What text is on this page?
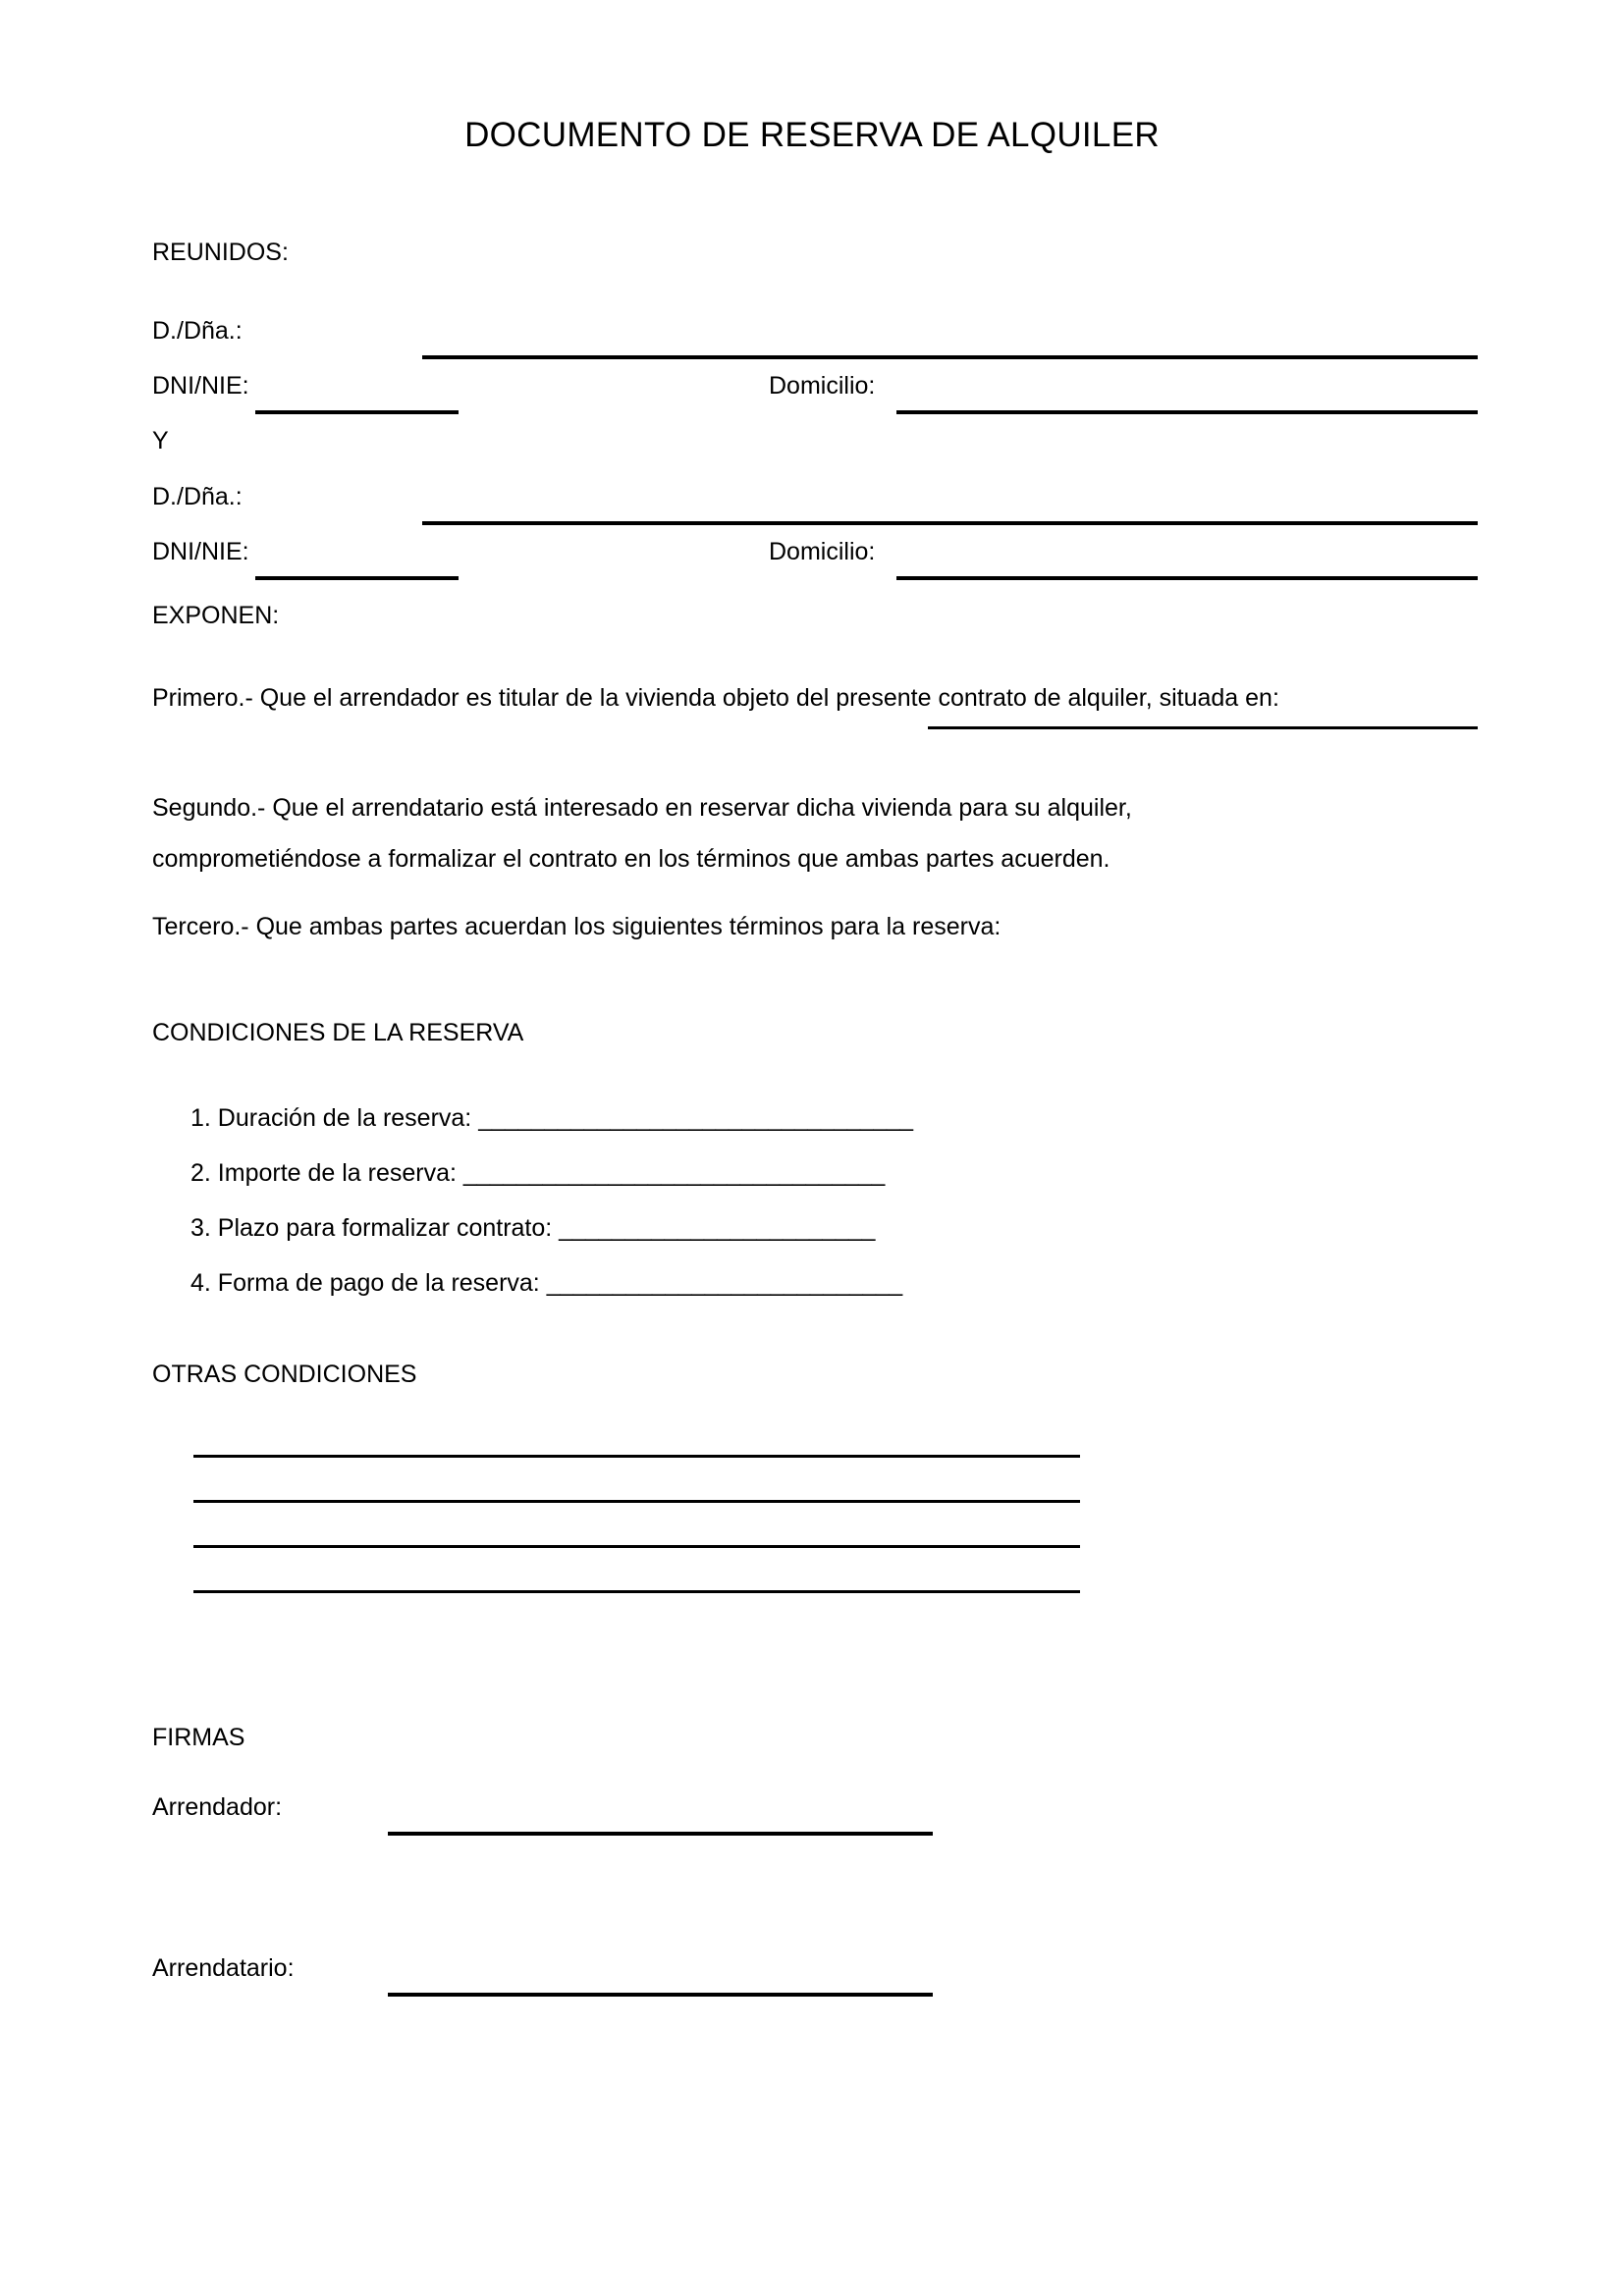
DOCUMENTO DE RESERVA DE ALQUILER
REUNIDOS:
D./Dña.:
DNI/NIE:	Domicilio:
Y
D./Dña.:
DNI/NIE:	Domicilio:
EXPONEN:
Primero.- Que el arrendador es titular de la vivienda objeto del presente contrato de alquiler, situada en:
Segundo.- Que el arrendatario está interesado en reservar dicha vivienda para su alquiler,
comprometiéndose a formalizar el contrato en los términos que ambas partes acuerden.
Tercero.- Que ambas partes acuerdan los siguientes términos para la reserva:
CONDICIONES DE LA RESERVA
1. Duración de la reserva: _________________________________
2. Importe de la reserva: ________________________________
3. Plazo para formalizar contrato: ________________________
4. Forma de pago de la reserva: ___________________________
OTRAS CONDICIONES
FIRMAS
Arrendador:
Arrendatario:
